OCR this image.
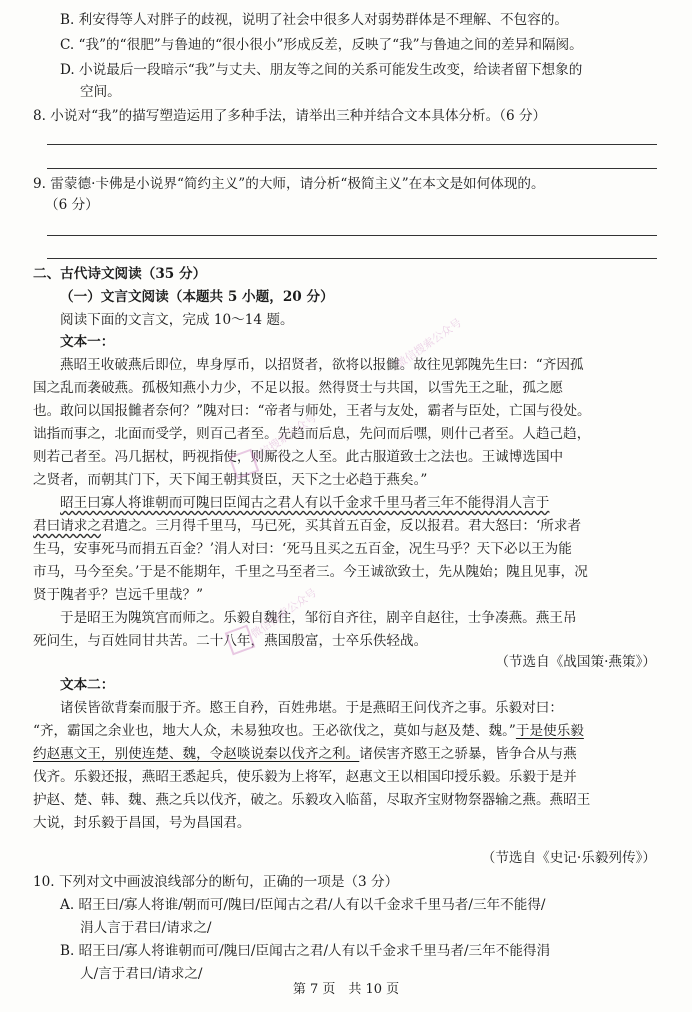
B. 利安得等人对胖子的歧视，说明了社会中很多人对弱势群体是不理解、不包容的。
C. “我”的“很肥”与鲁迪的“很小很小”形成反差，反映了“我”与鲁迪之间的差异和隔阂。
D. 小说最后一段暗示“我”与丈夫、朋友等之间的关系可能发生改变，给读者留下想象的
空间。
8. 小说对“我”的描写塑造运用了多种手法，请举出三种并结合文本具体分析。（6 分）
9. 雷蒙德·卡佛是小说界“简约主义”的大师，请分析“极简主义”在本文是如何体现的。
（6 分）
二、古代诗文阅读（35 分）
（一）文言文阅读（本题共 5 小题，20 分）
阅读下面的文言文，完成 10～14 题。
文本一：
燕昭王收破燕后即位，卑身厚币，以招贤者，欲将以报雠。故往见郭隗先生曰：“齐因孤
国之乱而袭破燕。孤极知燕小力少，不足以报。然得贤士与共国，以雪先王之耻，孤之愿
也。敢问以国报雠者奈何？”隗对曰：“帝者与师处，王者与友处，霸者与臣处，亡国与役处。
诎指而事之，北面而受学，则百己者至。先趋而后息，先问而后嘿，则什己者至。人趋己趋，
则若己者至。冯几据杖，眄视指使，则厮役之人至。此古服道致士之法也。王诚博选国中
之贤者，而朝其门下，天下闻王朝其贤臣，天下之士必趋于燕矣。”
昭王曰寡人将谁朝而可隗曰臣闻古之君人有以千金求千里马者三年不能得涓人言于
君曰请求之君遣之。三月得千里马，马已死，买其首五百金，反以报君。君大怒曰：‘所求者
生马，安事死马而捐五百金？’涓人对曰：‘死马且买之五百金，况生马乎？天下必以王为能
市马，马今至矣。’于是不能期年，千里之马至者三。今王诚欲致士，先从隗始；隗且见事，况
贤于隗者乎？岂远千里哉？”
于是昭王为隗筑宫而师之。乐毅自魏往，邹衍自齐往，剧辛自赵往，士争凑燕。燕王吊
死问生，与百姓同甘共苦。二十八年，燕国殷富，士卒乐佚轻战。
（节选自《战国策·燕策》）
文本二：
诸侯皆欲背秦而服于齐。愍王自矜，百姓弗堪。于是燕昭王问伐齐之事。乐毅对曰：
“齐，霸国之余业也，地大人众，未易独攻也。王必欲伐之，莫如与赵及楚、魏。”于是使乐毅
约赵惠文王，别使连楚、魏，令赵啖说秦以伐齐之利。诸侯害齐愍王之骄暴，皆争合从与燕
伐齐。乐毅还报，燕昭王悉起兵，使乐毅为上将军，赵惠文王以相国印授乐毅。乐毅于是并
护赵、楚、韩、魏、燕之兵以伐齐，破之。乐毅攻入临菑，尽取齐宝财物祭器输之燕。燕昭王
大说，封乐毅于昌国，号为昌国君。
（节选自《史记·乐毅列传》）
10. 下列对文中画波浪线部分的断句，正确的一项是（3 分）
A. 昭王曰/寡人将谁/朝而可/隗曰/臣闻古之君/人有以千金求千里马者/三年不能得/
涓人言于君曰/请求之/
B. 昭王曰/寡人将谁朝而可/隗曰/臣闻古之君/人有以千金求千里马者/三年不能得涓
人/言于君曰/请求之/
微信搜索公众号
微信搜索公众号
微信搜索公众号
第 7 页　共 10 页
